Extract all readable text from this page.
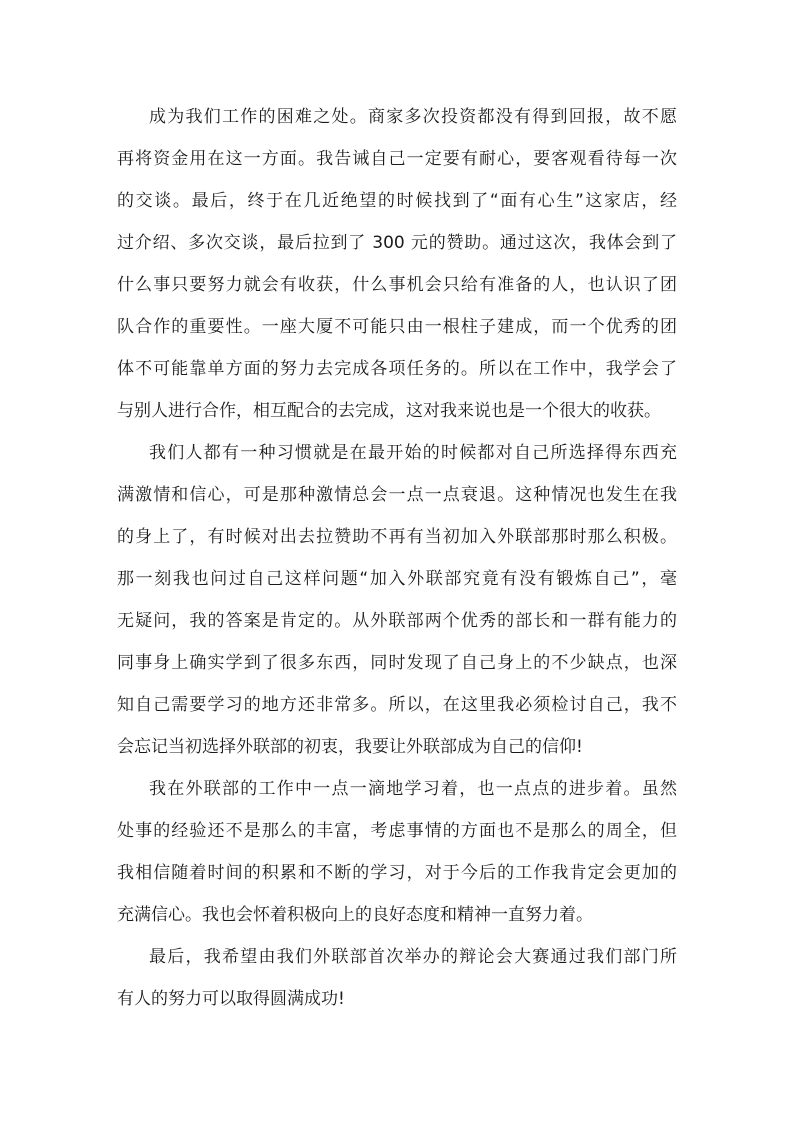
成为我们工作的困难之处。商家多次投资都没有得到回报，故不愿
再将资金用在这一方面。我告诫自己一定要有耐心，要客观看待每一次
的交谈。最后，终于在几近绝望的时候找到了“面有心生”这家店，经
过介绍、多次交谈，最后拉到了 300 元的赞助。通过这次，我体会到了
什么事只要努力就会有收获，什么事机会只给有准备的人，也认识了团
队合作的重要性。一座大厦不可能只由一根柱子建成，而一个优秀的团
体不可能靠单方面的努力去完成各项任务的。所以在工作中，我学会了
与别人进行合作，相互配合的去完成，这对我来说也是一个很大的收获。
我们人都有一种习惯就是在最开始的时候都对自己所选择得东西充
满激情和信心，可是那种激情总会一点一点衰退。这种情况也发生在我
的身上了，有时候对出去拉赞助不再有当初加入外联部那时那么积极。
那一刻我也问过自己这样问题“加入外联部究竟有没有锻炼自己”，毫
无疑问，我的答案是肯定的。从外联部两个优秀的部长和一群有能力的
同事身上确实学到了很多东西，同时发现了自己身上的不少缺点，也深
知自己需要学习的地方还非常多。所以，在这里我必须检讨自己，我不
会忘记当初选择外联部的初衷，我要让外联部成为自己的信仰!
我在外联部的工作中一点一滴地学习着，也一点点的进步着。虽然
处事的经验还不是那么的丰富，考虑事情的方面也不是那么的周全，但
我相信随着时间的积累和不断的学习，对于今后的工作我肯定会更加的
充满信心。我也会怀着积极向上的良好态度和精神一直努力着。
最后，我希望由我们外联部首次举办的辩论会大赛通过我们部门所
有人的努力可以取得圆满成功!
